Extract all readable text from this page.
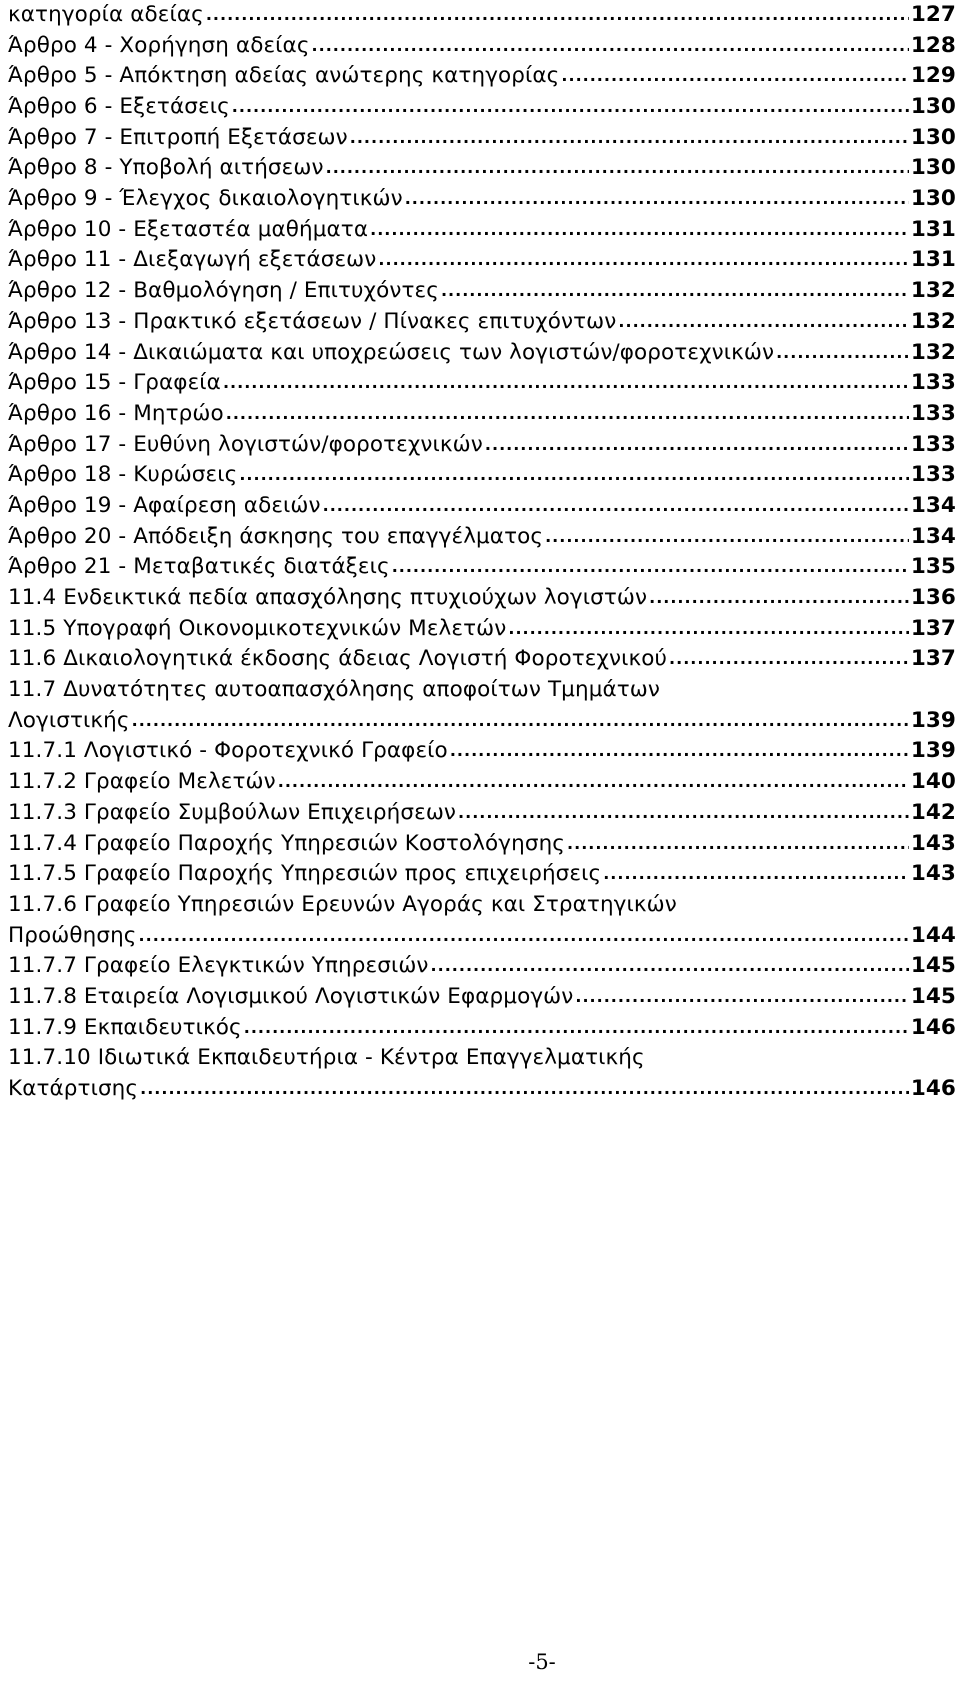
κατηγορία αδείας .....	127
Άρθρο 4 - Χορήγηση αδείας .....	128
Άρθρο 5 - Απόκτηση αδείας ανώτερης κατηγορίας .....	129
Άρθρο 6 - Εξετάσεις .....	130
Άρθρο 7 - Επιτροπή Εξετάσεων .....	130
Άρθρο 8 - Υποβολή αιτήσεων .....	130
Άρθρο 9 - Έλεγχος δικαιολογητικών .....	130
Άρθρο 10 - Εξεταστέα μαθήματα .....	131
Άρθρο 11 - Διεξαγωγή εξετάσεων .....	131
Άρθρο 12 - Βαθμολόγηση / Επιτυχόντες .....	132
Άρθρο 13 - Πρακτικό εξετάσεων / Πίνακες επιτυχόντων .....	132
Άρθρο 14 - Δικαιώματα και υποχρεώσεις των λογιστών/φοροτεχνικών .....	132
Άρθρο 15 - Γραφεία .....	133
Άρθρο 16 - Μητρώο .....	133
Άρθρο 17 - Ευθύνη λογιστών/φοροτεχνικών .....	133
Άρθρο 18 - Κυρώσεις .....	133
Άρθρο 19 - Αφαίρεση αδειών .....	134
Άρθρο 20 - Απόδειξη άσκησης του επαγγέλματος .....	134
Άρθρο 21 - Μεταβατικές διατάξεις .....	135
11.4 Ενδεικτικά πεδία απασχόλησης πτυχιούχων λογιστών .....	136
11.5 Υπογραφή Οικονομικοτεχνικών Μελετών .....	137
11.6 Δικαιολογητικά έκδοσης άδειας Λογιστή Φοροτεχνικού .....	137
11.7 Δυνατότητες αυτοαπασχόλησης αποφοίτων Τμημάτων
Λογιστικής .....	139
11.7.1 Λογιστικό - Φοροτεχνικό Γραφείο .....	139
11.7.2 Γραφείο Μελετών .....	140
11.7.3 Γραφείο Συμβούλων Επιχειρήσεων .....	142
11.7.4 Γραφείο Παροχής Υπηρεσιών Κοστολόγησης .....	143
11.7.5 Γραφείο Παροχής Υπηρεσιών προς επιχειρήσεις .....	143
11.7.6 Γραφείο Υπηρεσιών Ερευνών Αγοράς και Στρατηγικών
Προώθησης .....	144
11.7.7 Γραφείο Ελεγκτικών Υπηρεσιών .....	145
11.7.8 Εταιρεία Λογισμικού Λογιστικών Εφαρμογών .....	145
11.7.9 Εκπαιδευτικός .....	146
11.7.10 Ιδιωτικά Εκπαιδευτήρια - Κέντρα Επαγγελματικής
Κατάρτισης .....	146
-5-
